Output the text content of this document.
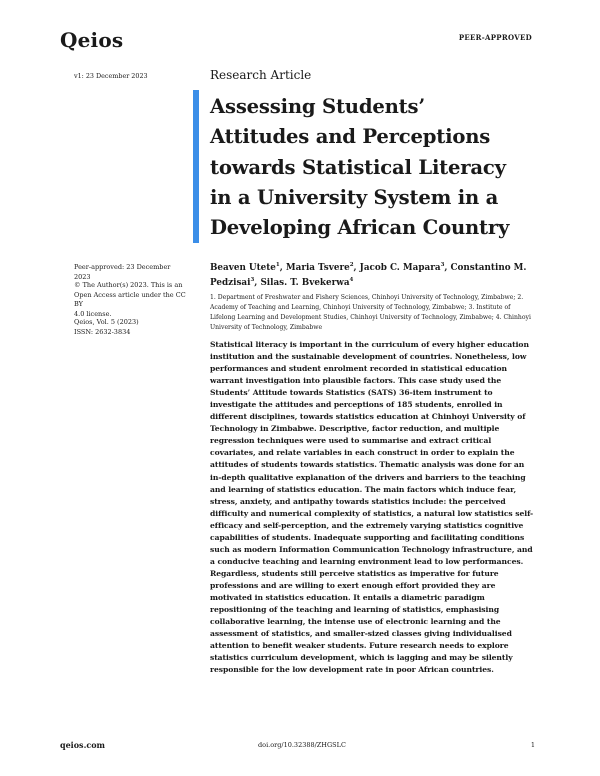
Qeios	PEER-APPROVED
v1: 23 December 2023	Research Article
Assessing Students’ Attitudes and Perceptions towards Statistical Literacy in a University System in a Developing African Country
Peer-approved: 23 December 2023

© The Author(s) 2023. This is an

Open Access article under the CC BY

4.0 license.

Qeios, Vol. 5 (2023)

ISSN: 2632-3834

Beaven Utete$^1$, Maria Tsvere$^2$, Jacob C. Mapara$^3$, Constantino M. Pedzisai$^3$, Silas. T. Bvekerwa$^4$
1. Department of Freshwater and Fishery Sciences, Chinhoyi University of Technology, Zimbabwe; 2. Academy of Teaching and Learning, Chinhoyi University of Technology, Zimbabwe; 3. Institute of Lifelong Learning and Development Studies, Chinhoyi University of Technology, Zimbabwe; 4. Chinhoyi University of Technology, Zimbabwe

Statistical literacy is important in the curriculum of every higher education institution and the sustainable development of countries. Nonetheless, low performances and student enrolment recorded in statistical education warrant investigation into plausible factors. This case study used the Students’ Attitude towards Statistics (SATS) 36-item instrument to investigate the attitudes and perceptions of 185 students, enrolled in different disciplines, towards statistics education at Chinhoyi University of Technology in Zimbabwe. Descriptive, factor reduction, and multiple regression techniques were used to summarise and extract critical covariates, and relate variables in each construct in order to explain the attitudes of students towards statistics. Thematic analysis was done for an in-depth qualitative explanation of the drivers and barriers to the teaching and learning of statistics education. The main factors which induce fear, stress, anxiety, and antipathy towards statistics include: the perceived difficulty and numerical complexity of statistics, a natural low statistics self-efficacy and self-perception, and the extremely varying statistics cognitive capabilities of students. Inadequate supporting and facilitating conditions such as modern Information Communication Technology infrastructure, and a conducive teaching and learning environment lead to low performances. Regardless, students still perceive statistics as imperative for future professions and are willing to exert enough effort provided they are motivated in statistics education. It entails a diametric paradigm repositioning of the teaching and learning of statistics, emphasising collaborative learning, the intense use of electronic learning and the assessment of statistics, and smaller-sized classes giving individualised attention to benefit weaker students. Future research needs to explore statistics curriculum development, which is lagging and may be silently responsible for the low development rate in poor African countries.

qeios.com	doi.org/10.32388/ZHGSLC	1
